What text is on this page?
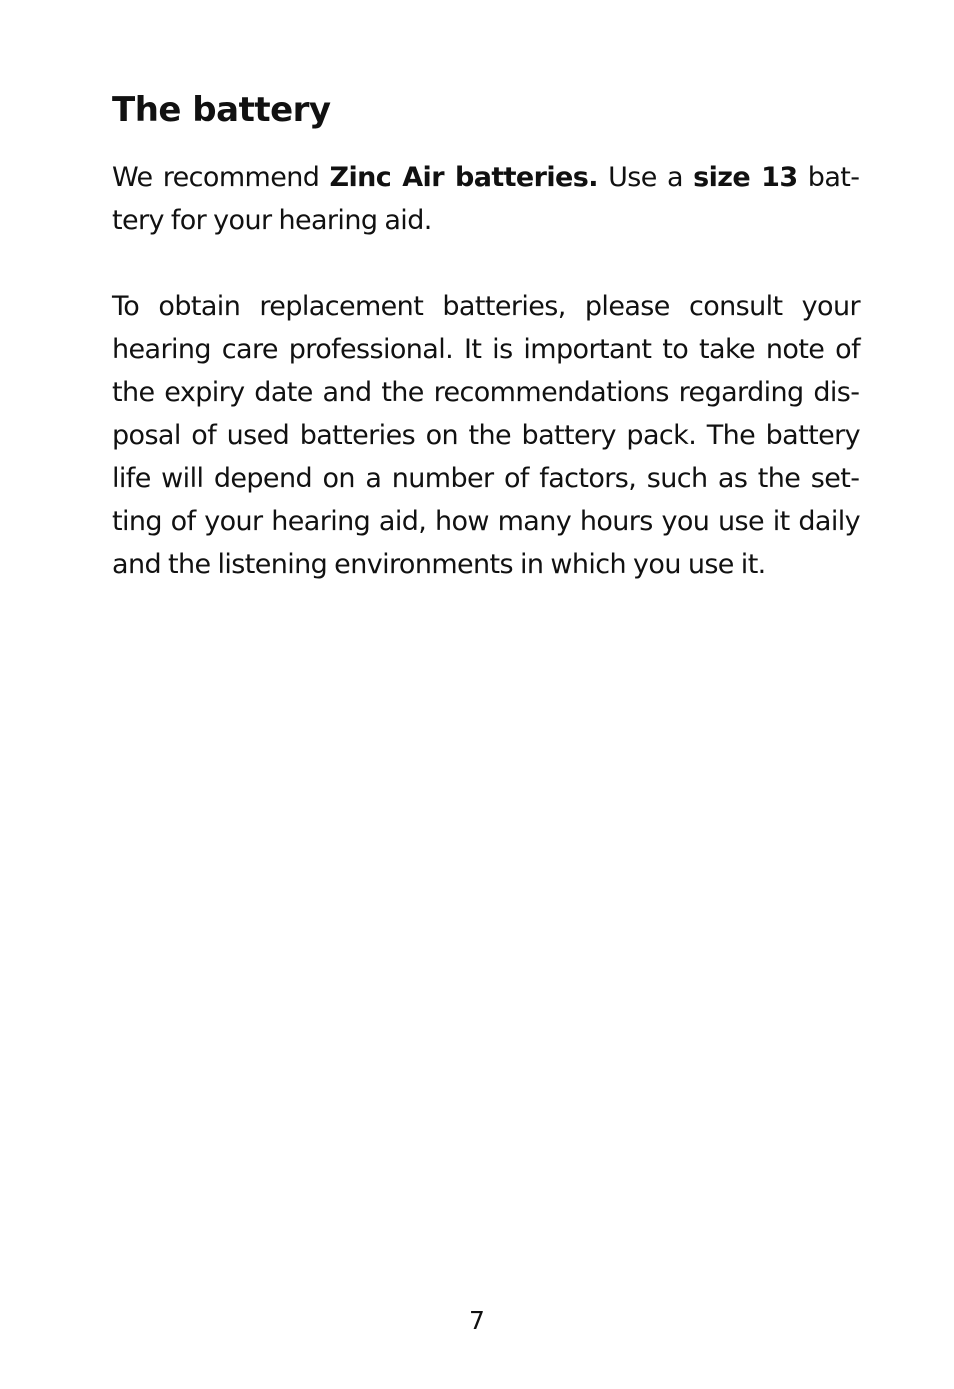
The battery

We recommend Zinc Air batteries. Use a size 13 battery for your hearing aid.

To obtain replacement batteries, please consult your hearing care professional. It is important to take note of the expiry date and the recommendations regarding disposal of used batteries on the battery pack. The battery life will depend on a number of factors, such as the setting of your hearing aid, how many hours you use it daily and the listening environments in which you use it.

7
